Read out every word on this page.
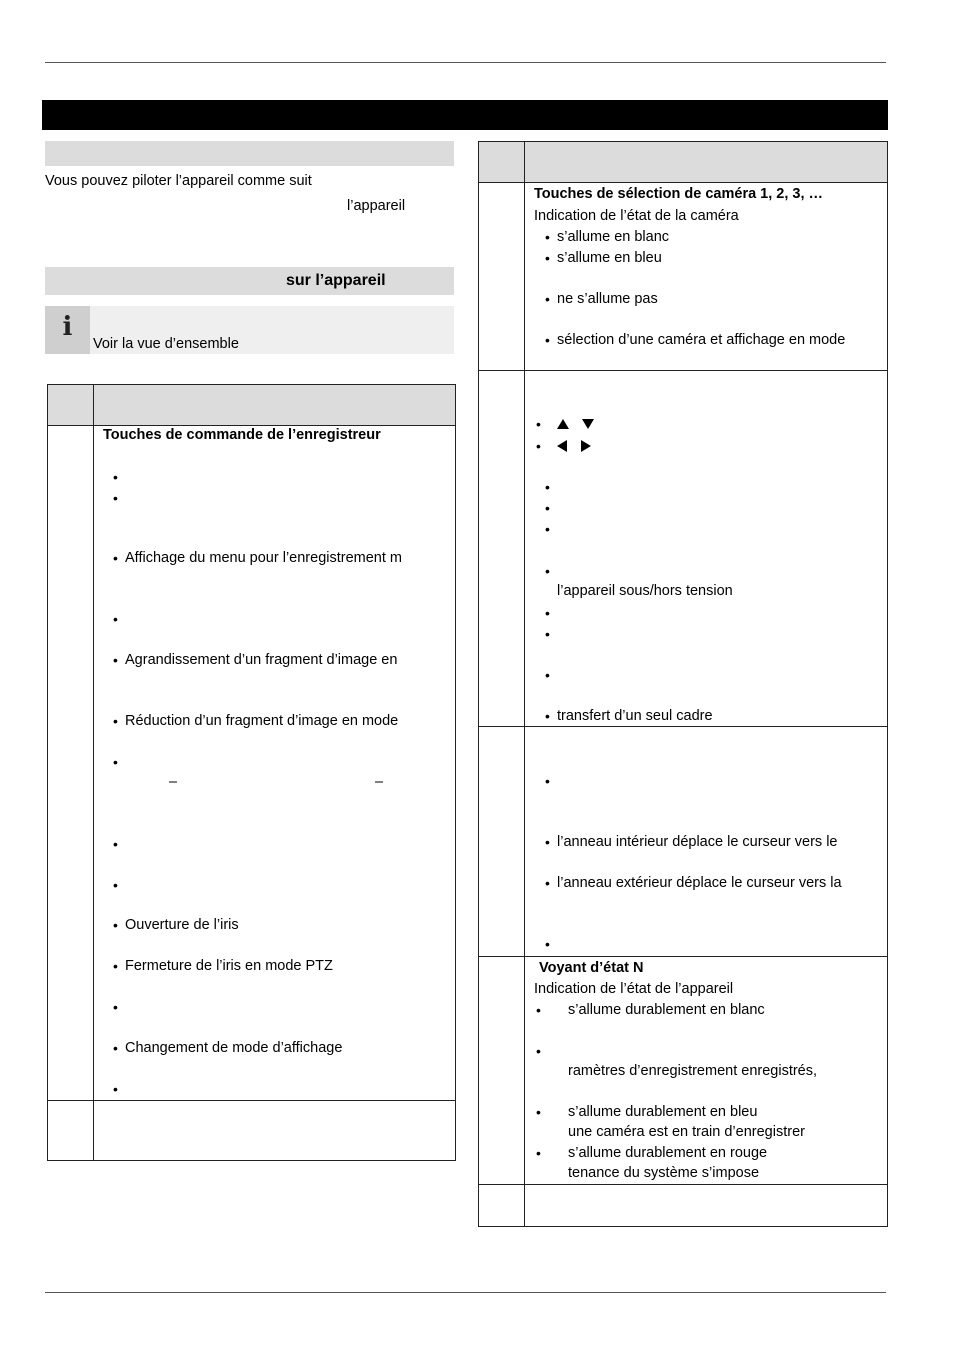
Vous pouvez piloter l’appareil comme suit
l’appareil
sur l’appareil
i
Voir la vue d’ensemble
Touches de commande de l’enregistreur
•
•
• Affichage du menu pour l’enregistrement m
•
• Agrandissement d’un fragment d’image en
• Réduction d’un fragment d’image en mode
•
–	–
•
•
• Ouverture de l’iris
• Fermeture de l’iris en mode PTZ
•
• Changement de mode d’affichage
•
Touches de sélection de caméra 1, 2, 3, …
Indication de l’état de la caméra
• s’allume en blanc
• s’allume en bleu
• ne s’allume pas
• sélection d’une caméra et affichage en mode
•
•
•
•
•
•
l’appareil sous/hors tension
•
•
•
• transfert d’un seul cadre
•
• l’anneau intérieur déplace le curseur vers le
• l’anneau extérieur déplace le curseur vers la
•
Voyant d’état N
Indication de l’état de l’appareil
• s’allume durablement en blanc
•
ramètres d’enregistrement enregistrés,
• s’allume durablement en bleu
une caméra est en train d’enregistrer
• s’allume durablement en rouge
tenance du système s’impose
